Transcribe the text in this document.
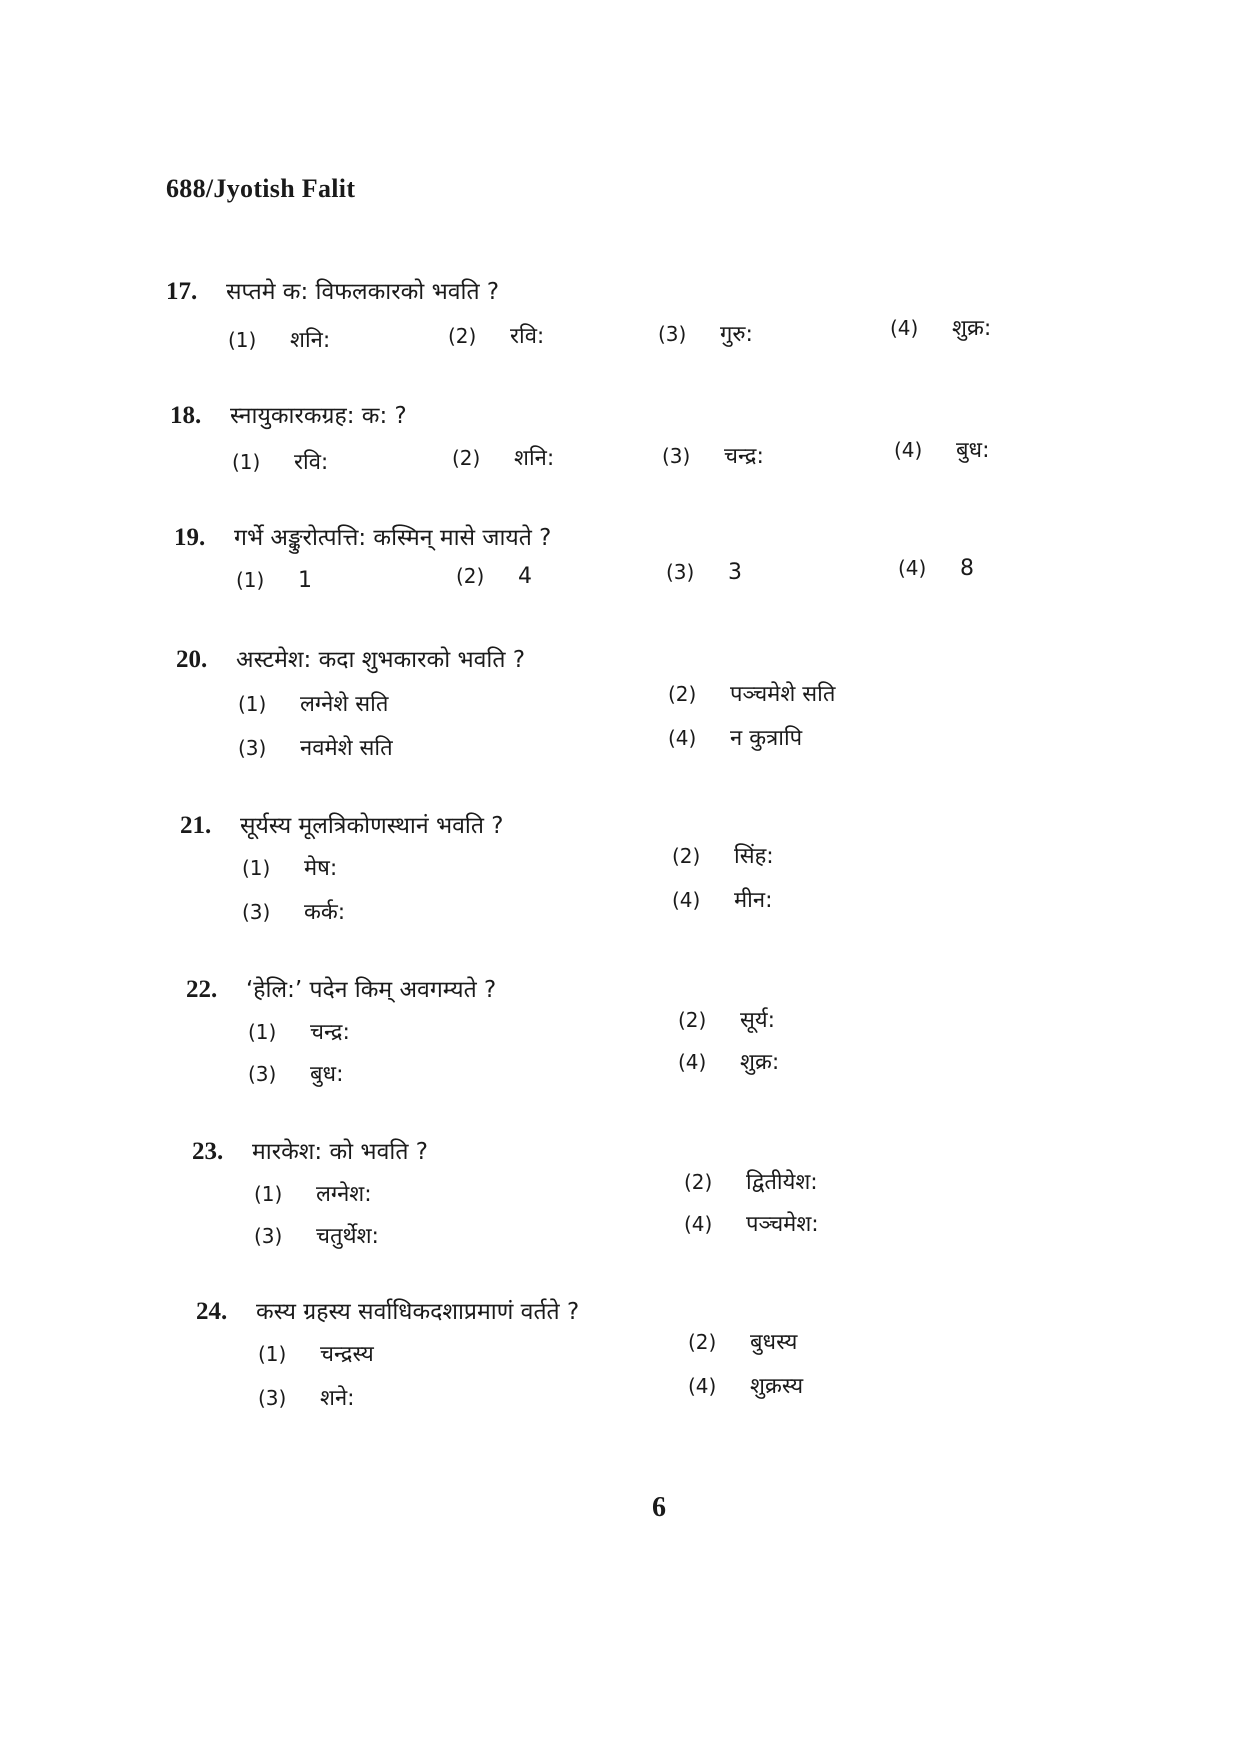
688/Jyotish Falit
17. सप्तमे क: विफलकारको भवति ?
(1) शनि:	(2) रवि:	(3) गुरु:	(4) शुक्र:
18. स्नायुकारकग्रह: क: ?
(1) रवि:	(2) शनि:	(3) चन्द्र:	(4) बुध:
19. गर्भे अङ्कुरोत्पत्ति: कस्मिन् मासे जायते ?
(1) 1	(2) 4	(3) 3	(4) 8
20. अस्टमेश: कदा शुभकारको भवति ?
(1) लग्नेशे सति	(2) पञ्चमेशे सति
(3) नवमेशे सति	(4) न कुत्रापि
21. सूर्यस्य मूलत्रिकोणस्थानं भवति ?
(1) मेष:	(2) सिंह:
(3) कर्क:	(4) मीन:
22. ‘हेलि:’ पदेन किम् अवगम्यते ?
(1) चन्द्र:	(2) सूर्य:
(3) बुध:	(4) शुक्र:
23. मारकेश: को भवति ?
(1) लग्नेश:	(2) द्वितीयेश:
(3) चतुर्थेश:	(4) पञ्चमेश:
24. कस्य ग्रहस्य सर्वाधिकदशाप्रमाणं वर्तते ?
(1) चन्द्रस्य	(2) बुधस्य
(3) शने:	(4) शुक्रस्य
6
